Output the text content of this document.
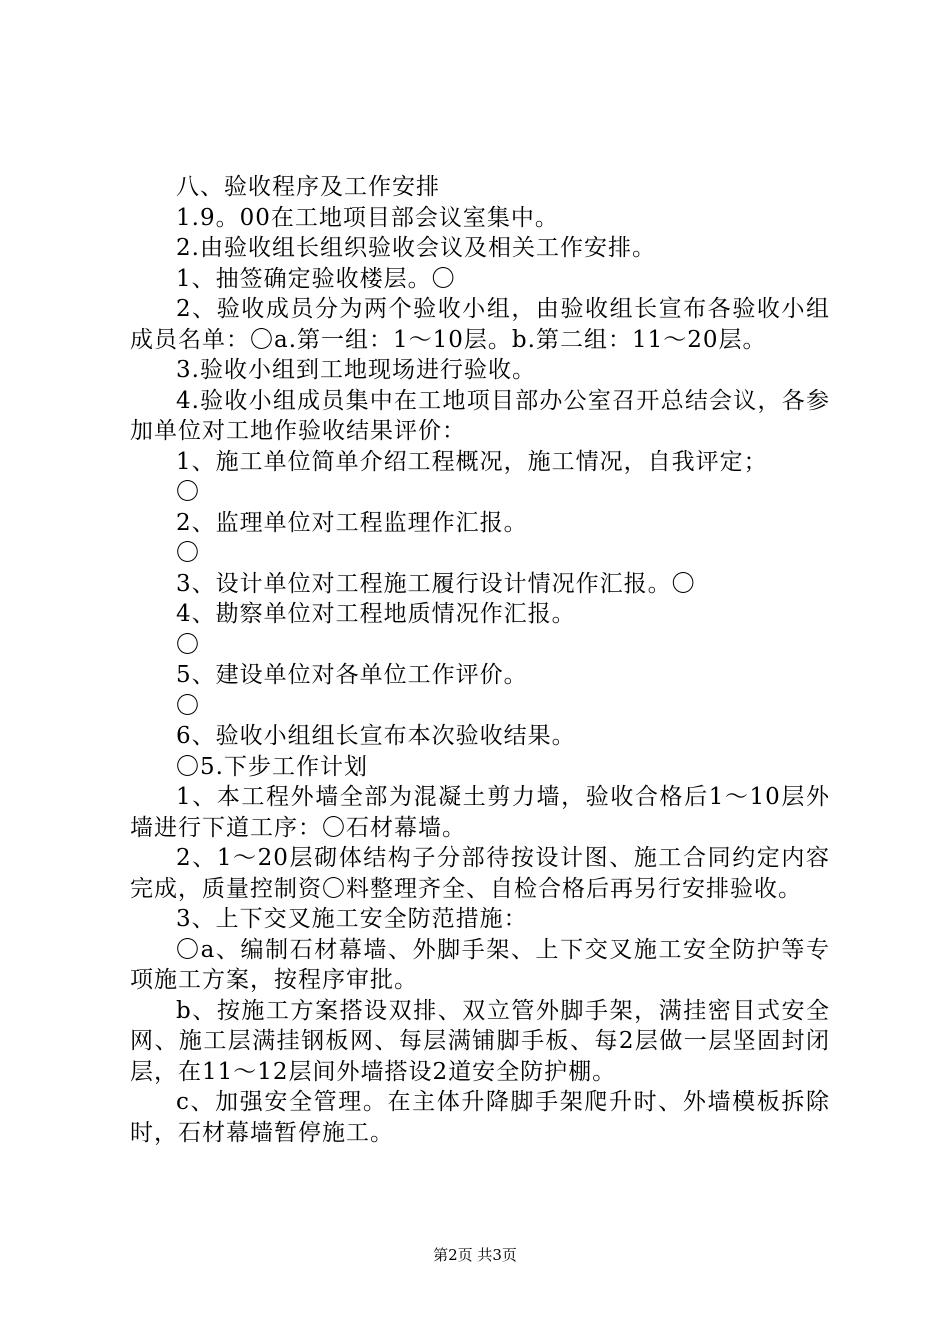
八、验收程序及工作安排

1.9。00在工地项目部会议室集中。

2.由验收组长组织验收会议及相关工作安排。

1、抽签确定验收楼层。〇

2、验收成员分为两个验收小组，由验收组长宣布各验收小组成员名单：〇a.第一组：1～10层。b.第二组：11～20层。

3.验收小组到工地现场进行验收。

4.验收小组成员集中在工地项目部办公室召开总结会议，各参加单位对工地作验收结果评价：

1、施工单位简单介绍工程概况，施工情况，自我评定；

〇

2、监理单位对工程监理作汇报。

〇

3、设计单位对工程施工履行设计情况作汇报。〇

4、勘察单位对工程地质情况作汇报。

〇

5、建设单位对各单位工作评价。

〇

6、验收小组组长宣布本次验收结果。

〇5.下步工作计划

1、本工程外墙全部为混凝土剪力墙，验收合格后1～10层外墙进行下道工序：〇石材幕墙。

2、1～20层砌体结构子分部待按设计图、施工合同约定内容完成，质量控制资〇料整理齐全、自检合格后再另行安排验收。

3、上下交叉施工安全防范措施：

〇a、编制石材幕墙、外脚手架、上下交叉施工安全防护等专项施工方案，按程序审批。

b、按施工方案搭设双排、双立管外脚手架，满挂密目式安全网、施工层满挂钢板网、每层满铺脚手板、每2层做一层坚固封闭层，在11～12层间外墙搭设2道安全防护棚。

c、加强安全管理。在主体升降脚手架爬升时、外墙模板拆除时，石材幕墙暂停施工。

第2页 共3页
